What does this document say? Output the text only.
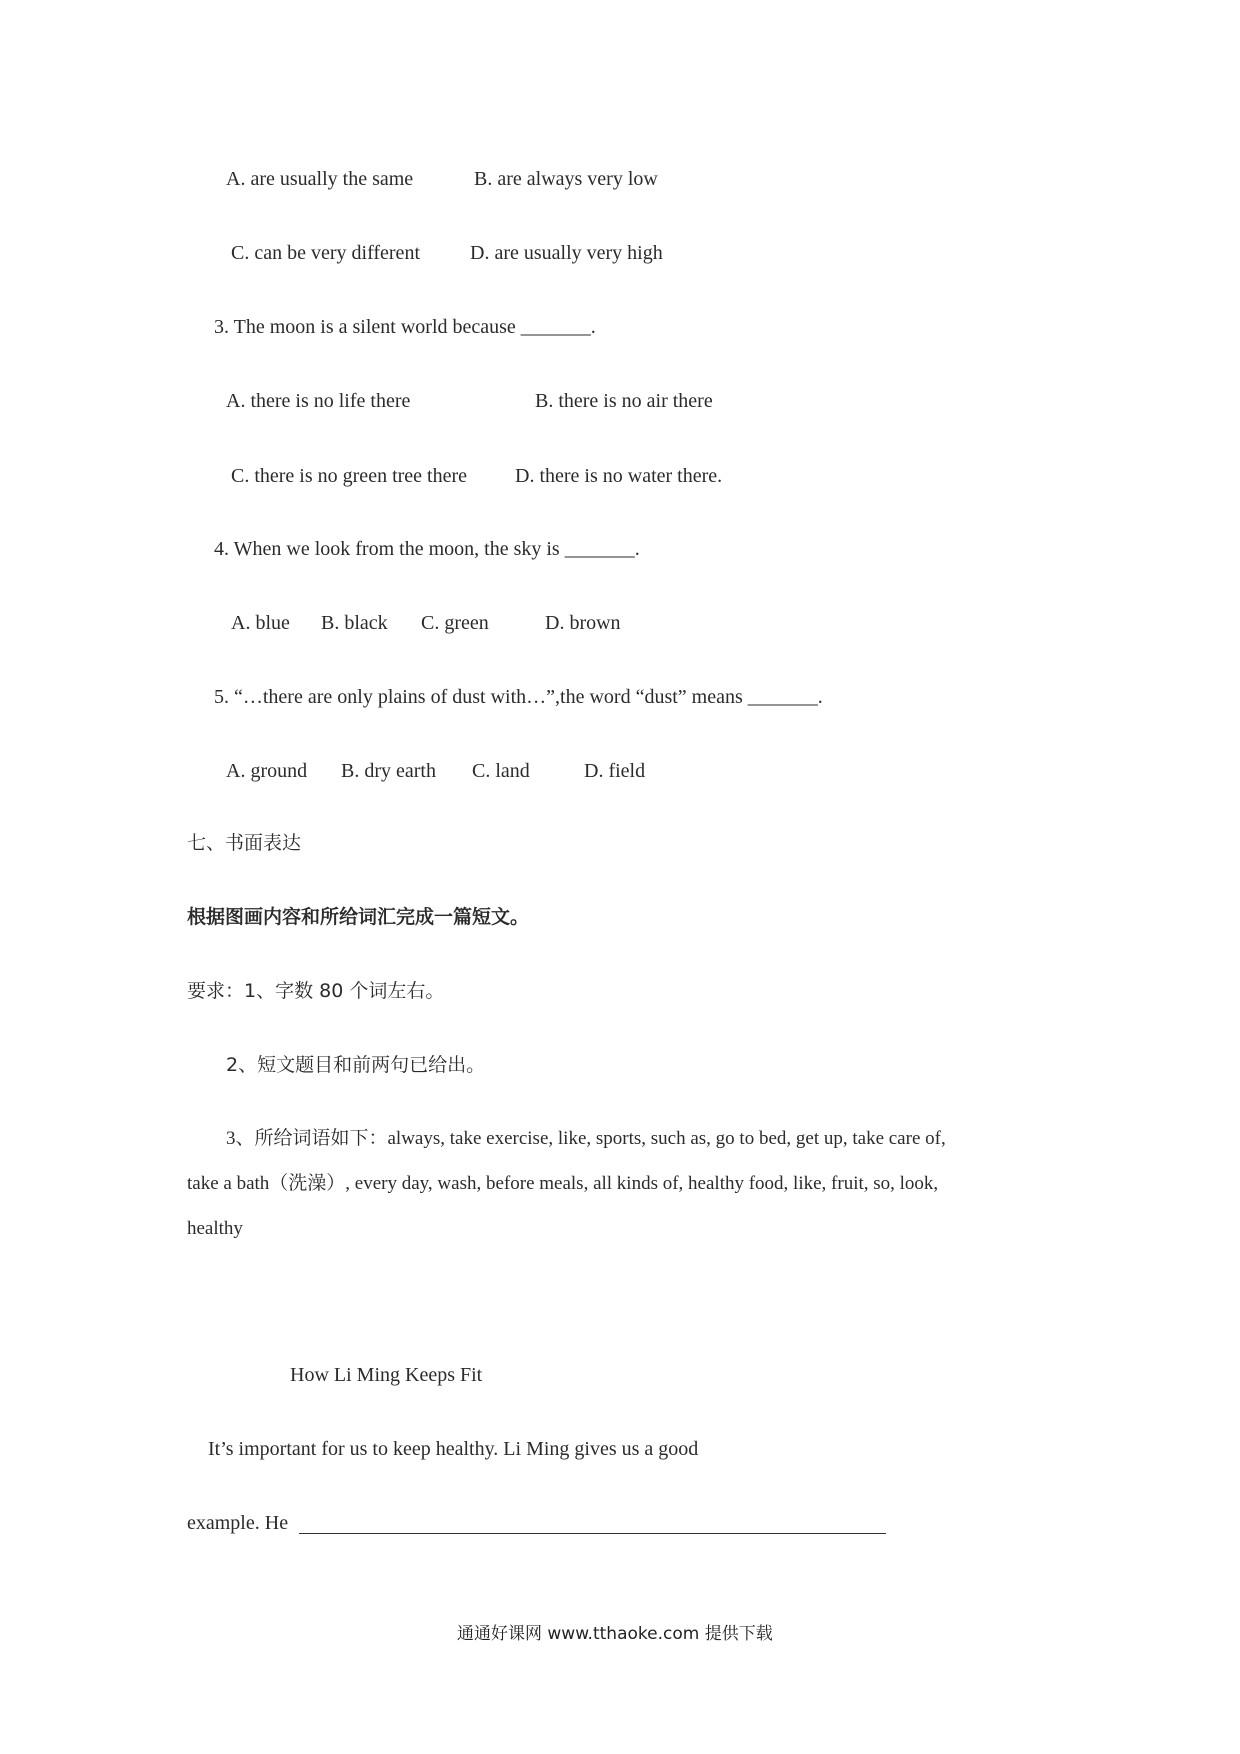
A. are usually the same	B. are always very low
C. can be very different	D. are usually very high
3. The moon is a silent world because _______.
A. there is no life there	B. there is no air there
C. there is no green tree there D. there is no water there.
4. When we look from the moon, the sky is _______.
A. blue B. black C. green	D. brown
5. “…there are only plains of dust with…”,the word “dust” means _______.
A. ground B. dry earth C. land	D. field
七、书面表达
根据图画内容和所给词汇完成一篇短文。
要求：1、字数 80 个词左右。
2、短文题目和前两句已给出。
3、所给词语如下：always, take exercise, like, sports, such as, go to bed, get up, take care of,
take a bath（洗澡）, every day, wash, before meals, all kinds of, healthy food, like, fruit, so, look,
healthy
How Li Ming Keeps Fit
It’s important for us to keep healthy. Li Ming gives us a good
example. He
通通好课网 www.tthaoke.com 提供下载
